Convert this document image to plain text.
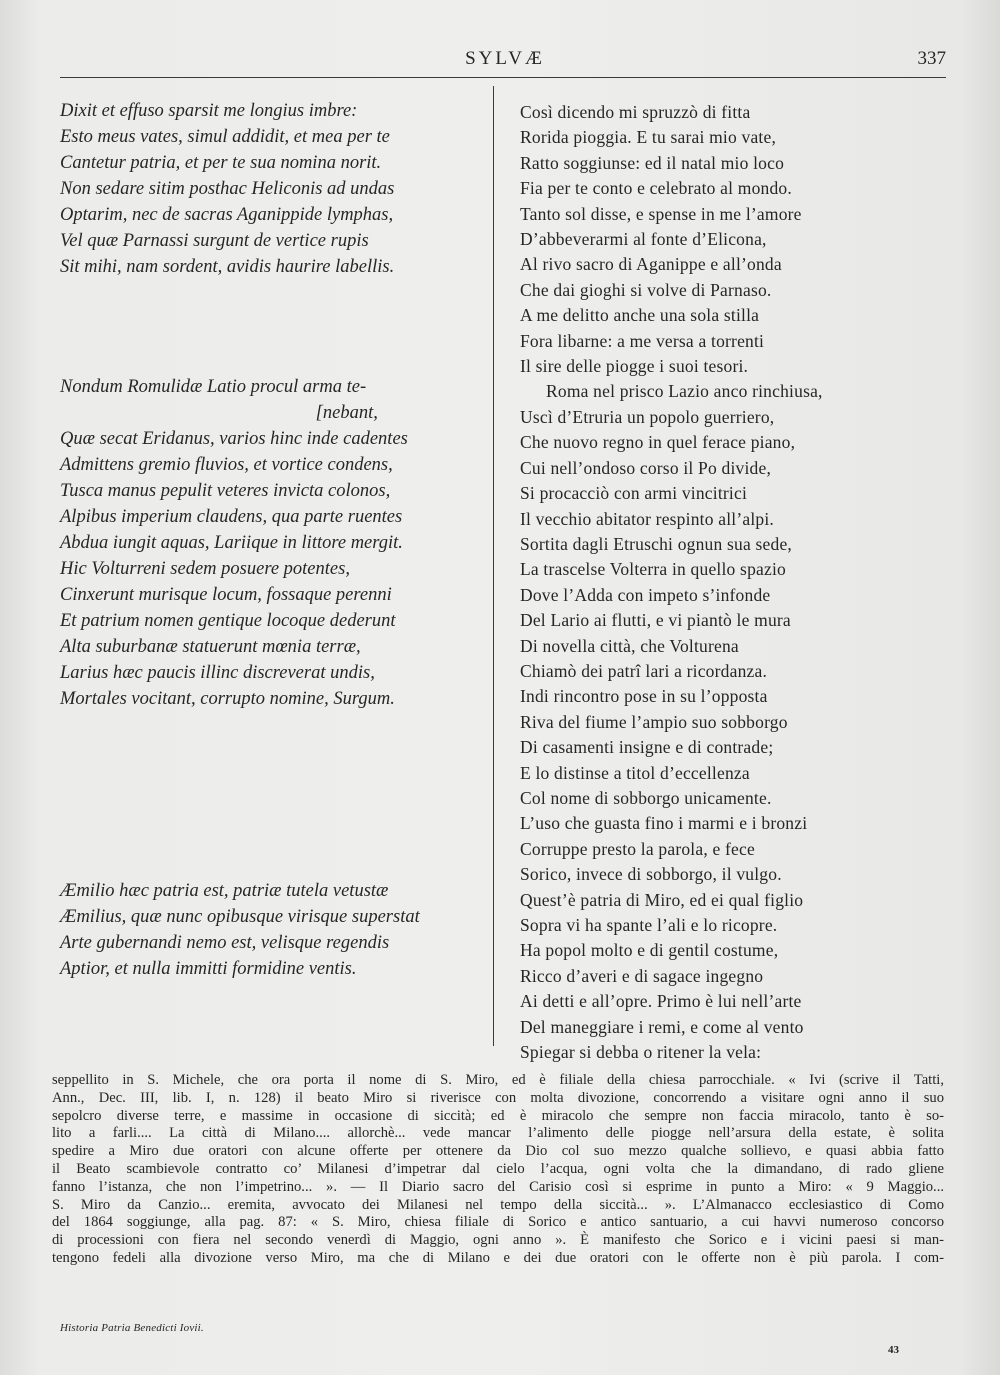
SYLVÆ	337
Dixit et effuso sparsit me longius imbre:
Esto meus vates, simul addidit, et mea per te
Cantetur patria, et per te sua nomina norit.
Non sedare sitim posthac Heliconis ad undas
Optarim, nec de sacras Aganippide lymphas,
Vel quæ Parnassi surgunt de vertice rupis
Sit mihi, nam sordent, avidis haurire labellis.
Nondum Romulidæ Latio procul arma te-
[nebant,
Quæ secat Eridanus, varios hinc inde cadentes
Admittens gremio fluvios, et vortice condens,
Tusca manus pepulit veteres invicta colonos,
Alpibus imperium claudens, qua parte ruentes
Abdua iungit aquas, Lariique in littore mergit.
Hic Volturreni sedem posuere potentes,
Cinxerunt murisque locum, fossaque perenni
Et patrium nomen gentique locoque dederunt
Alta suburbanæ statuerunt mœnia terræ,
Larius hæc paucis illinc discreverat undis,
Mortales vocitant, corrupto nomine, Surgum.
Æmilio hæc patria est, patriæ tutela vetustæ
Æmilius, quæ nunc opibusque virisque superstat
Arte gubernandi nemo est, velisque regendis
Aptior, et nulla immitti formidine ventis.
Così dicendo mi spruzzò di fitta
Rorida pioggia. E tu sarai mio vate,
Ratto soggiunse: ed il natal mio loco
Fia per te conto e celebrato al mondo.
Tanto sol disse, e spense in me l’amore
D’abbeverarmi al fonte d’Elicona,
Al rivo sacro di Aganippe e all’onda
Che dai gioghi si volve di Parnaso.
A me delitto anche una sola stilla
Fora libarne: a me versa a torrenti
Il sire delle piogge i suoi tesori.
Roma nel prisco Lazio anco rinchiusa,
Uscì d’Etruria un popolo guerriero,
Che nuovo regno in quel ferace piano,
Cui nell’ondoso corso il Po divide,
Si procacciò con armi vincitrici
Il vecchio abitator respinto all’alpi.
Sortita dagli Etruschi ognun sua sede,
La trascelse Volterra in quello spazio
Dove l’Adda con impeto s’infonde
Del Lario ai flutti, e vi piantò le mura
Di novella città, che Volturena
Chiamò dei patrî lari a ricordanza.
Indi rincontro pose in su l’opposta
Riva del fiume l’ampio suo sobborgo
Di casamenti insigne e di contrade;
E lo distinse a titol d’eccellenza
Col nome di sobborgo unicamente.
L’uso che guasta fino i marmi e i bronzi
Corruppe presto la parola, e fece
Sorico, invece di sobborgo, il vulgo.
Quest’è patria di Miro, ed ei qual figlio
Sopra vi ha spante l’ali e lo ricopre.
Ha popol molto e di gentil costume,
Ricco d’averi e di sagace ingegno
Ai detti e all’opre. Primo è lui nell’arte
Del maneggiare i remi, e come al vento
Spiegar si debba o ritener la vela:
seppellito in S. Michele, che ora porta il nome di S. Miro, ed è filiale della chiesa parrocchiale. « Ivi (scrive il Tatti,
Ann., Dec. III, lib. I, n. 128) il beato Miro si riverisce con molta divozione, concorrendo a visitare ogni anno il suo
sepolcro diverse terre, e massime in occasione di siccità; ed è miracolo che sempre non faccia miracolo, tanto è so-
lito a farli.... La città di Milano.... allorchè... vede mancar l’alimento delle piogge nell’arsura della estate, è solita
spedire a Miro due oratori con alcune offerte per ottenere da Dio col suo mezzo qualche sollievo, e quasi abbia fatto
il Beato scambievole contratto co’ Milanesi d’impetrar dal cielo l’acqua, ogni volta che la dimandano, di rado gliene
fanno l’istanza, che non l’impetrino... ». — Il Diario sacro del Carisio così si esprime in punto a Miro: « 9 Maggio...
S. Miro da Canzio... eremita, avvocato dei Milanesi nel tempo della siccità... ». L’Almanacco ecclesiastico di Como
del 1864 soggiunge, alla pag. 87: « S. Miro, chiesa filiale di Sorico e antico santuario, a cui havvi numeroso concorso
di processioni con fiera nel secondo venerdì di Maggio, ogni anno ». È manifesto che Sorico e i vicini paesi si man-
tengono fedeli alla divozione verso Miro, ma che di Milano e dei due oratori con le offerte non è più parola. I com-
Historia Patria Benedicti Iovii.
43
